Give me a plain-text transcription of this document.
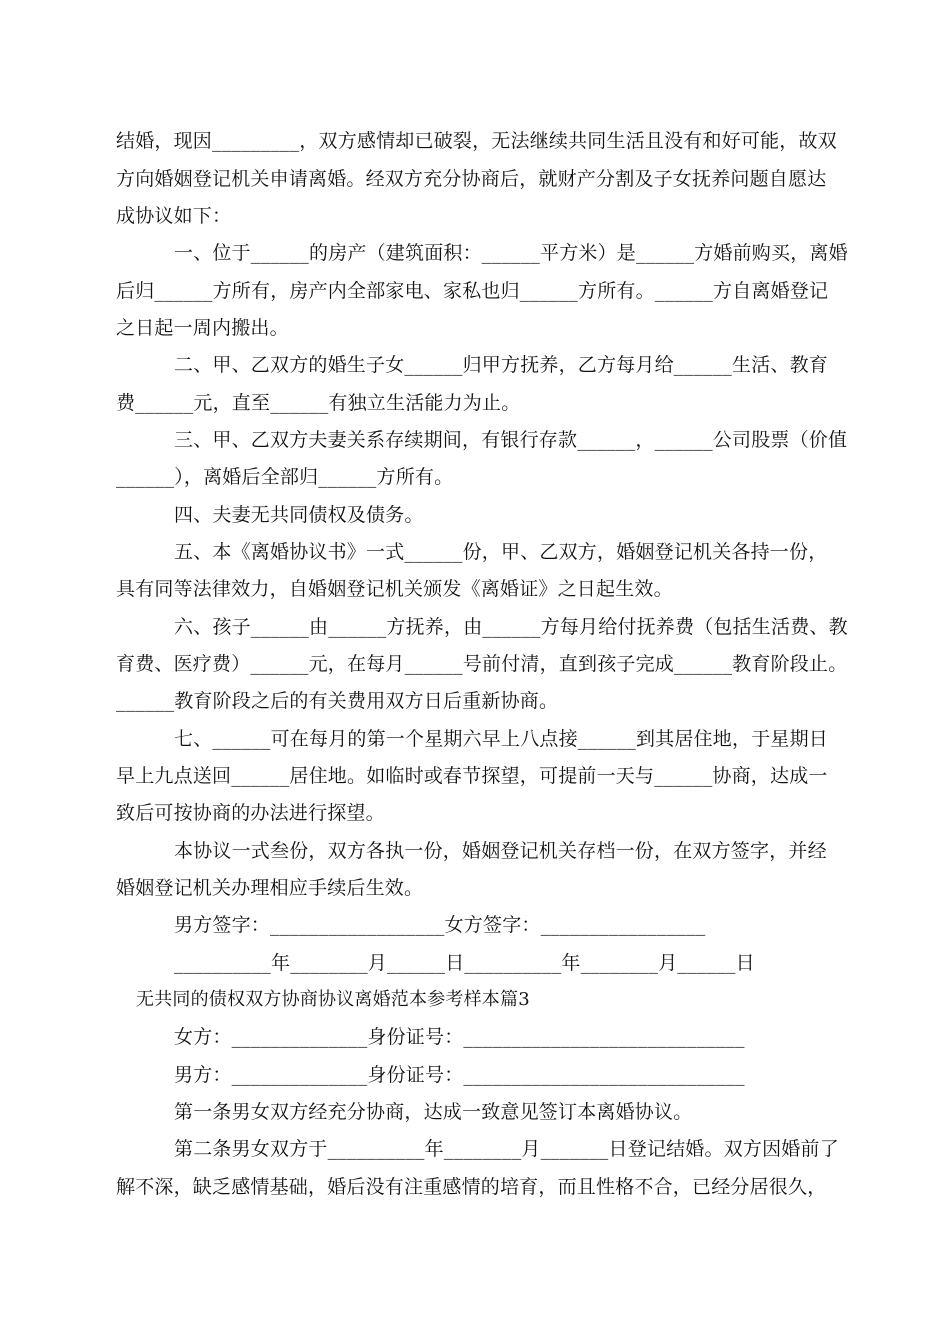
结婚，现因_________，双方感情却已破裂，无法继续共同生活且没有和好可能，故双
方向婚姻登记机关申请离婚。经双方充分协商后，就财产分割及子女抚养问题自愿达
成协议如下：
一、位于______的房产（建筑面积：______平方米）是______方婚前购买，离婚
后归______方所有，房产内全部家电、家私也归______方所有。______方自离婚登记
之日起一周内搬出。
二、甲、乙双方的婚生子女______归甲方抚养，乙方每月给______生活、教育
费______元，直至______有独立生活能力为止。
三、甲、乙双方夫妻关系存续期间，有银行存款______，______公司股票（价值
______），离婚后全部归______方所有。
四、夫妻无共同债权及债务。
五、本《离婚协议书》一式______份，甲、乙双方，婚姻登记机关各持一份，
具有同等法律效力，自婚姻登记机关颁发《离婚证》之日起生效。
六、孩子______由______方抚养，由______方每月给付抚养费（包括生活费、教
育费、医疗费）______元，在每月______号前付清，直到孩子完成______教育阶段止。
______教育阶段之后的有关费用双方日后重新协商。
七、______可在每月的第一个星期六早上八点接______到其居住地，于星期日
早上九点送回______居住地。如临时或春节探望，可提前一天与______协商，达成一
致后可按协商的办法进行探望。
本协议一式叁份，双方各执一份，婚姻登记机关存档一份，在双方签字，并经
婚姻登记机关办理相应手续后生效。
男方签字：__________________女方签字：_________________
__________年________月______日__________年________月______日
无共同的债权双方协商协议离婚范本参考样本篇3
女方：______________身份证号：_____________________________
男方：______________身份证号：_____________________________
第一条男女双方经充分协商，达成一致意见签订本离婚协议。
第二条男女双方于__________年________月_______日登记结婚。双方因婚前了
解不深，缺乏感情基础，婚后没有注重感情的培育，而且性格不合，已经分居很久，
